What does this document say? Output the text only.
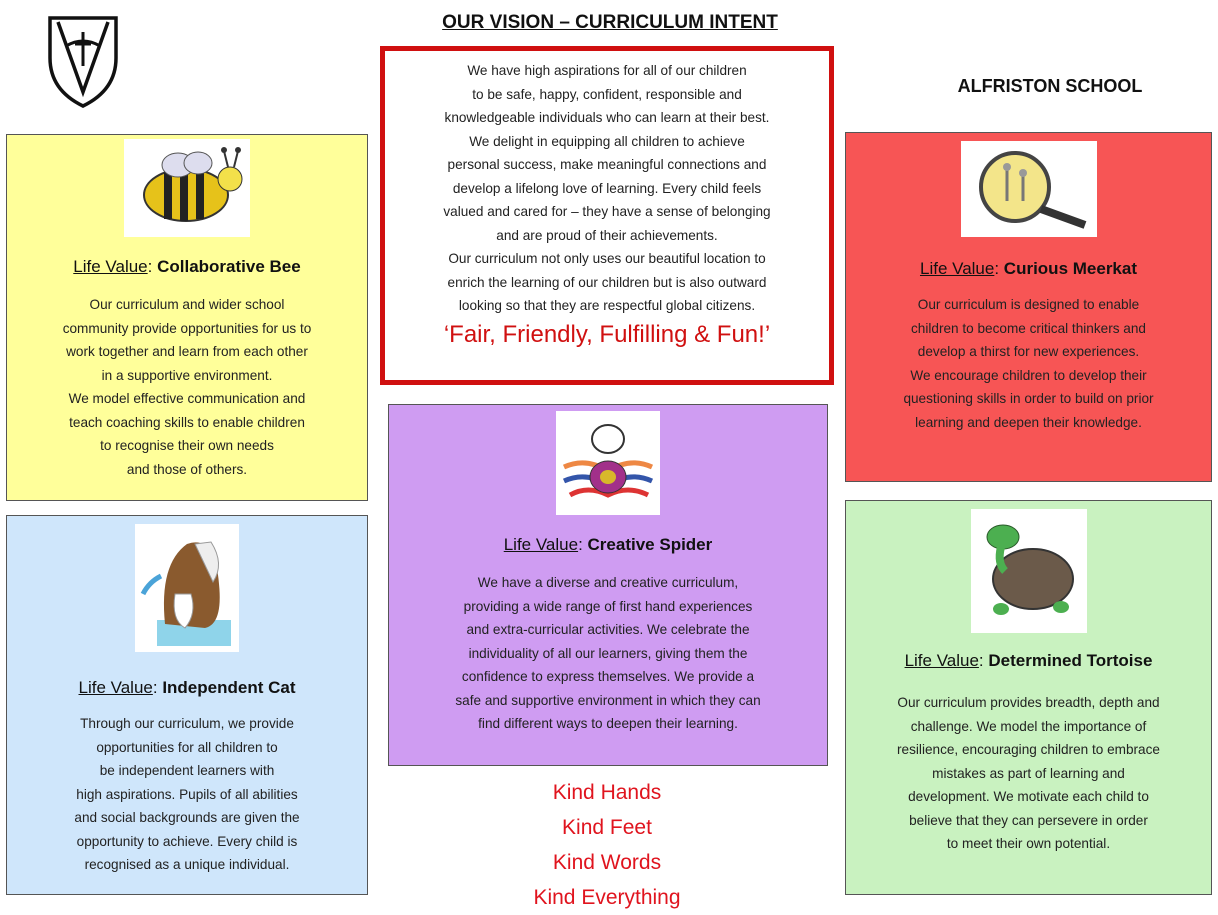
OUR VISION – CURRICULUM INTENT
ALFRISTON SCHOOL

We have high aspirations for all of our children
to be safe, happy, confident, responsible and
knowledgeable individuals who can learn at their best.
We delight in equipping all children to achieve
personal success, make meaningful connections and
develop a lifelong love of learning. Every child feels
valued and cared for – they have a sense of belonging
and are proud of their achievements.
Our curriculum not only uses our beautiful location to
enrich the learning of our children but is also outward
looking so that they are respectful global citizens.

‘Fair, Friendly, Fulfilling & Fun!’

Life Value: Collaborative Bee
Our curriculum and wider school
community provide opportunities for us to
work together and learn from each other
in a supportive environment.
We model effective communication and
teach coaching skills to enable children
to recognise their own needs
and those of others.
Life Value: Independent Cat
Through our curriculum, we provide
opportunities for all children to
be independent learners with
high aspirations. Pupils of all abilities
and social backgrounds are given the
opportunity to achieve. Every child is
recognised as a unique individual.
Life Value: Creative Spider
We have a diverse and creative curriculum,
providing a wide range of first hand experiences
and extra-curricular activities. We celebrate the
individuality of all our learners, giving them the
confidence to express themselves. We provide a
safe and supportive environment in which they can
find different ways to deepen their learning.
Life Value: Curious Meerkat
Our curriculum is designed to enable
children to become critical thinkers and
develop a thirst for new experiences.
We encourage children to develop their
questioning skills in order to build on prior
learning and deepen their knowledge.
Life Value: Determined Tortoise
Our curriculum provides breadth, depth and
challenge. We model the importance of
resilience, encouraging children to embrace
mistakes as part of learning and
development. We motivate each child to
believe that they can persevere in order
to meet their own potential.
Kind Hands
Kind Feet
Kind Words
Kind Everything
